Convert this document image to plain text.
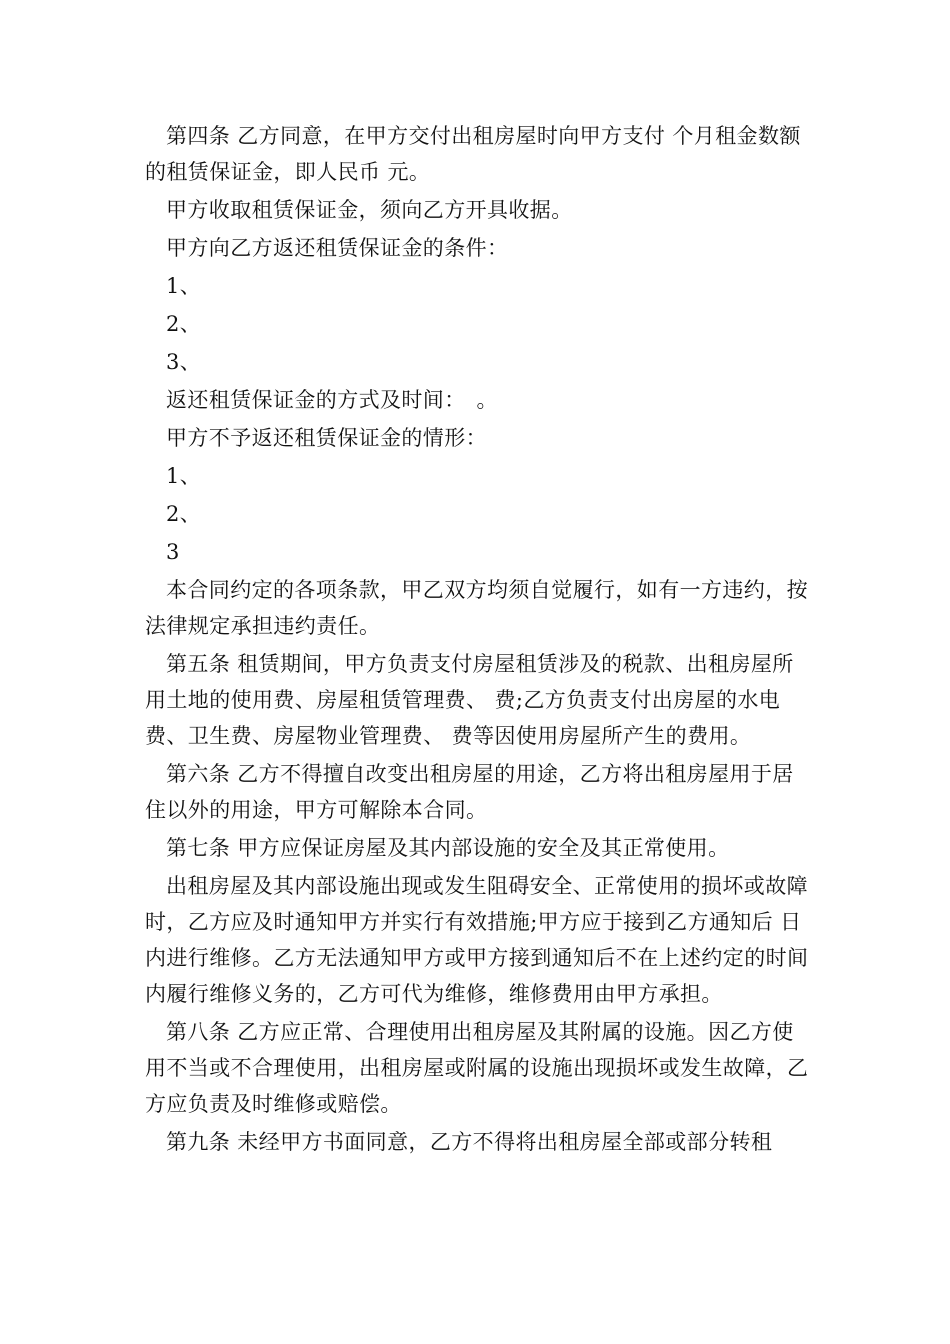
第四条 乙方同意，在甲方交付出租房屋时向甲方支付 个月租金数额的租赁保证金，即人民币 元。

甲方收取租赁保证金，须向乙方开具收据。

甲方向乙方返还租赁保证金的条件：

1、

2、

3、

返还租赁保证金的方式及时间：　。

甲方不予返还租赁保证金的情形：

1、

2、

3

本合同约定的各项条款，甲乙双方均须自觉履行，如有一方违约，按法律规定承担违约责任。

第五条 租赁期间，甲方负责支付房屋租赁涉及的税款、出租房屋所用土地的使用费、房屋租赁管理费、 费;乙方负责支付出房屋的水电费、卫生费、房屋物业管理费、 费等因使用房屋所产生的费用。

第六条 乙方不得擅自改变出租房屋的用途，乙方将出租房屋用于居住以外的用途，甲方可解除本合同。

第七条 甲方应保证房屋及其内部设施的安全及其正常使用。

出租房屋及其内部设施出现或发生阻碍安全、正常使用的损坏或故障时，乙方应及时通知甲方并实行有效措施;甲方应于接到乙方通知后 日内进行维修。乙方无法通知甲方或甲方接到通知后不在上述约定的时间内履行维修义务的，乙方可代为维修，维修费用由甲方承担。

第八条 乙方应正常、合理使用出租房屋及其附属的设施。因乙方使用不当或不合理使用，出租房屋或附属的设施出现损坏或发生故障，乙方应负责及时维修或赔偿。

第九条 未经甲方书面同意，乙方不得将出租房屋全部或部分转租
